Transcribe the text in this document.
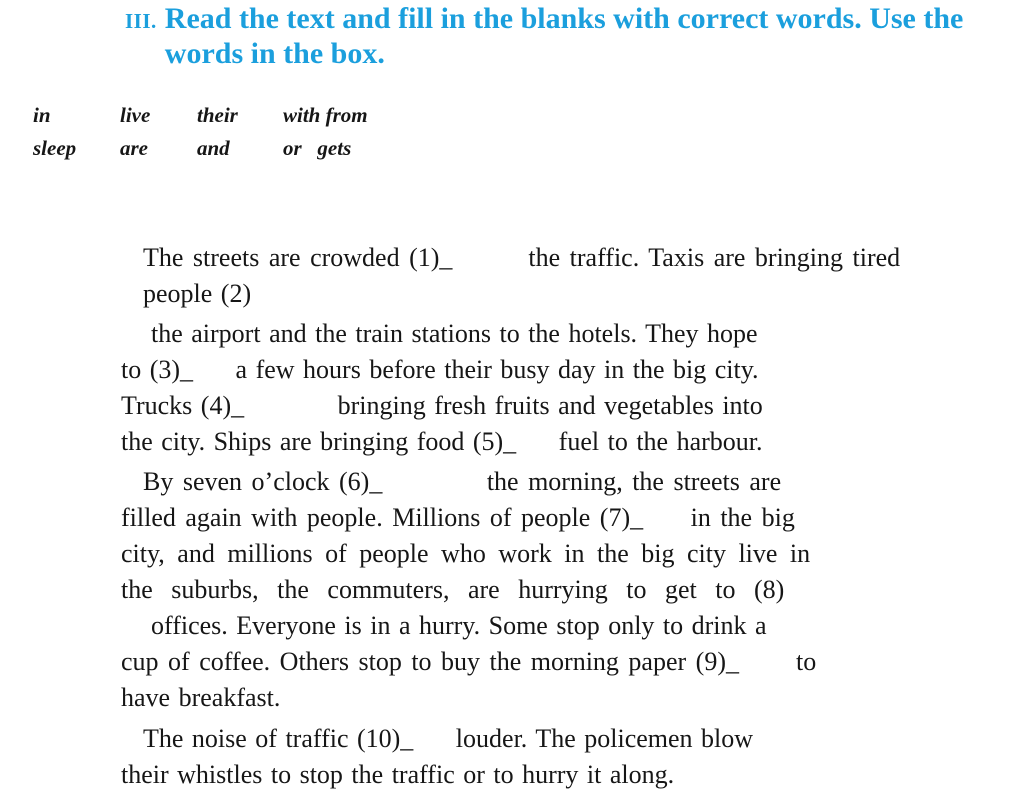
III. Read the text and fill in the blanks with correct words. Use the
words in the box.
in	live their with from
sleep are and	or   gets
The streets are crowded (1)_        the traffic. Taxis are bringing tired
people (2)
the airport and the train stations to the hotels. They hope
to (3)_     a few hours before their busy day in the big city.
Trucks (4)_           bringing fresh fruits and vegetables into
the city. Ships are bringing food (5)_     fuel to the harbour.
By seven o’clock (6)_           the morning, the streets are
filled again with people. Millions of people (7)_     in the big
city, and millions of people who work in the big city live in
the suburbs, the commuters, are hurrying to get to (8)
offices. Everyone is in a hurry. Some stop only to drink a
cup of coffee. Others stop to buy the morning paper (9)_      to
have breakfast.
The noise of traffic (10)_     louder. The policemen blow
their whistles to stop the traffic or to hurry it along.
